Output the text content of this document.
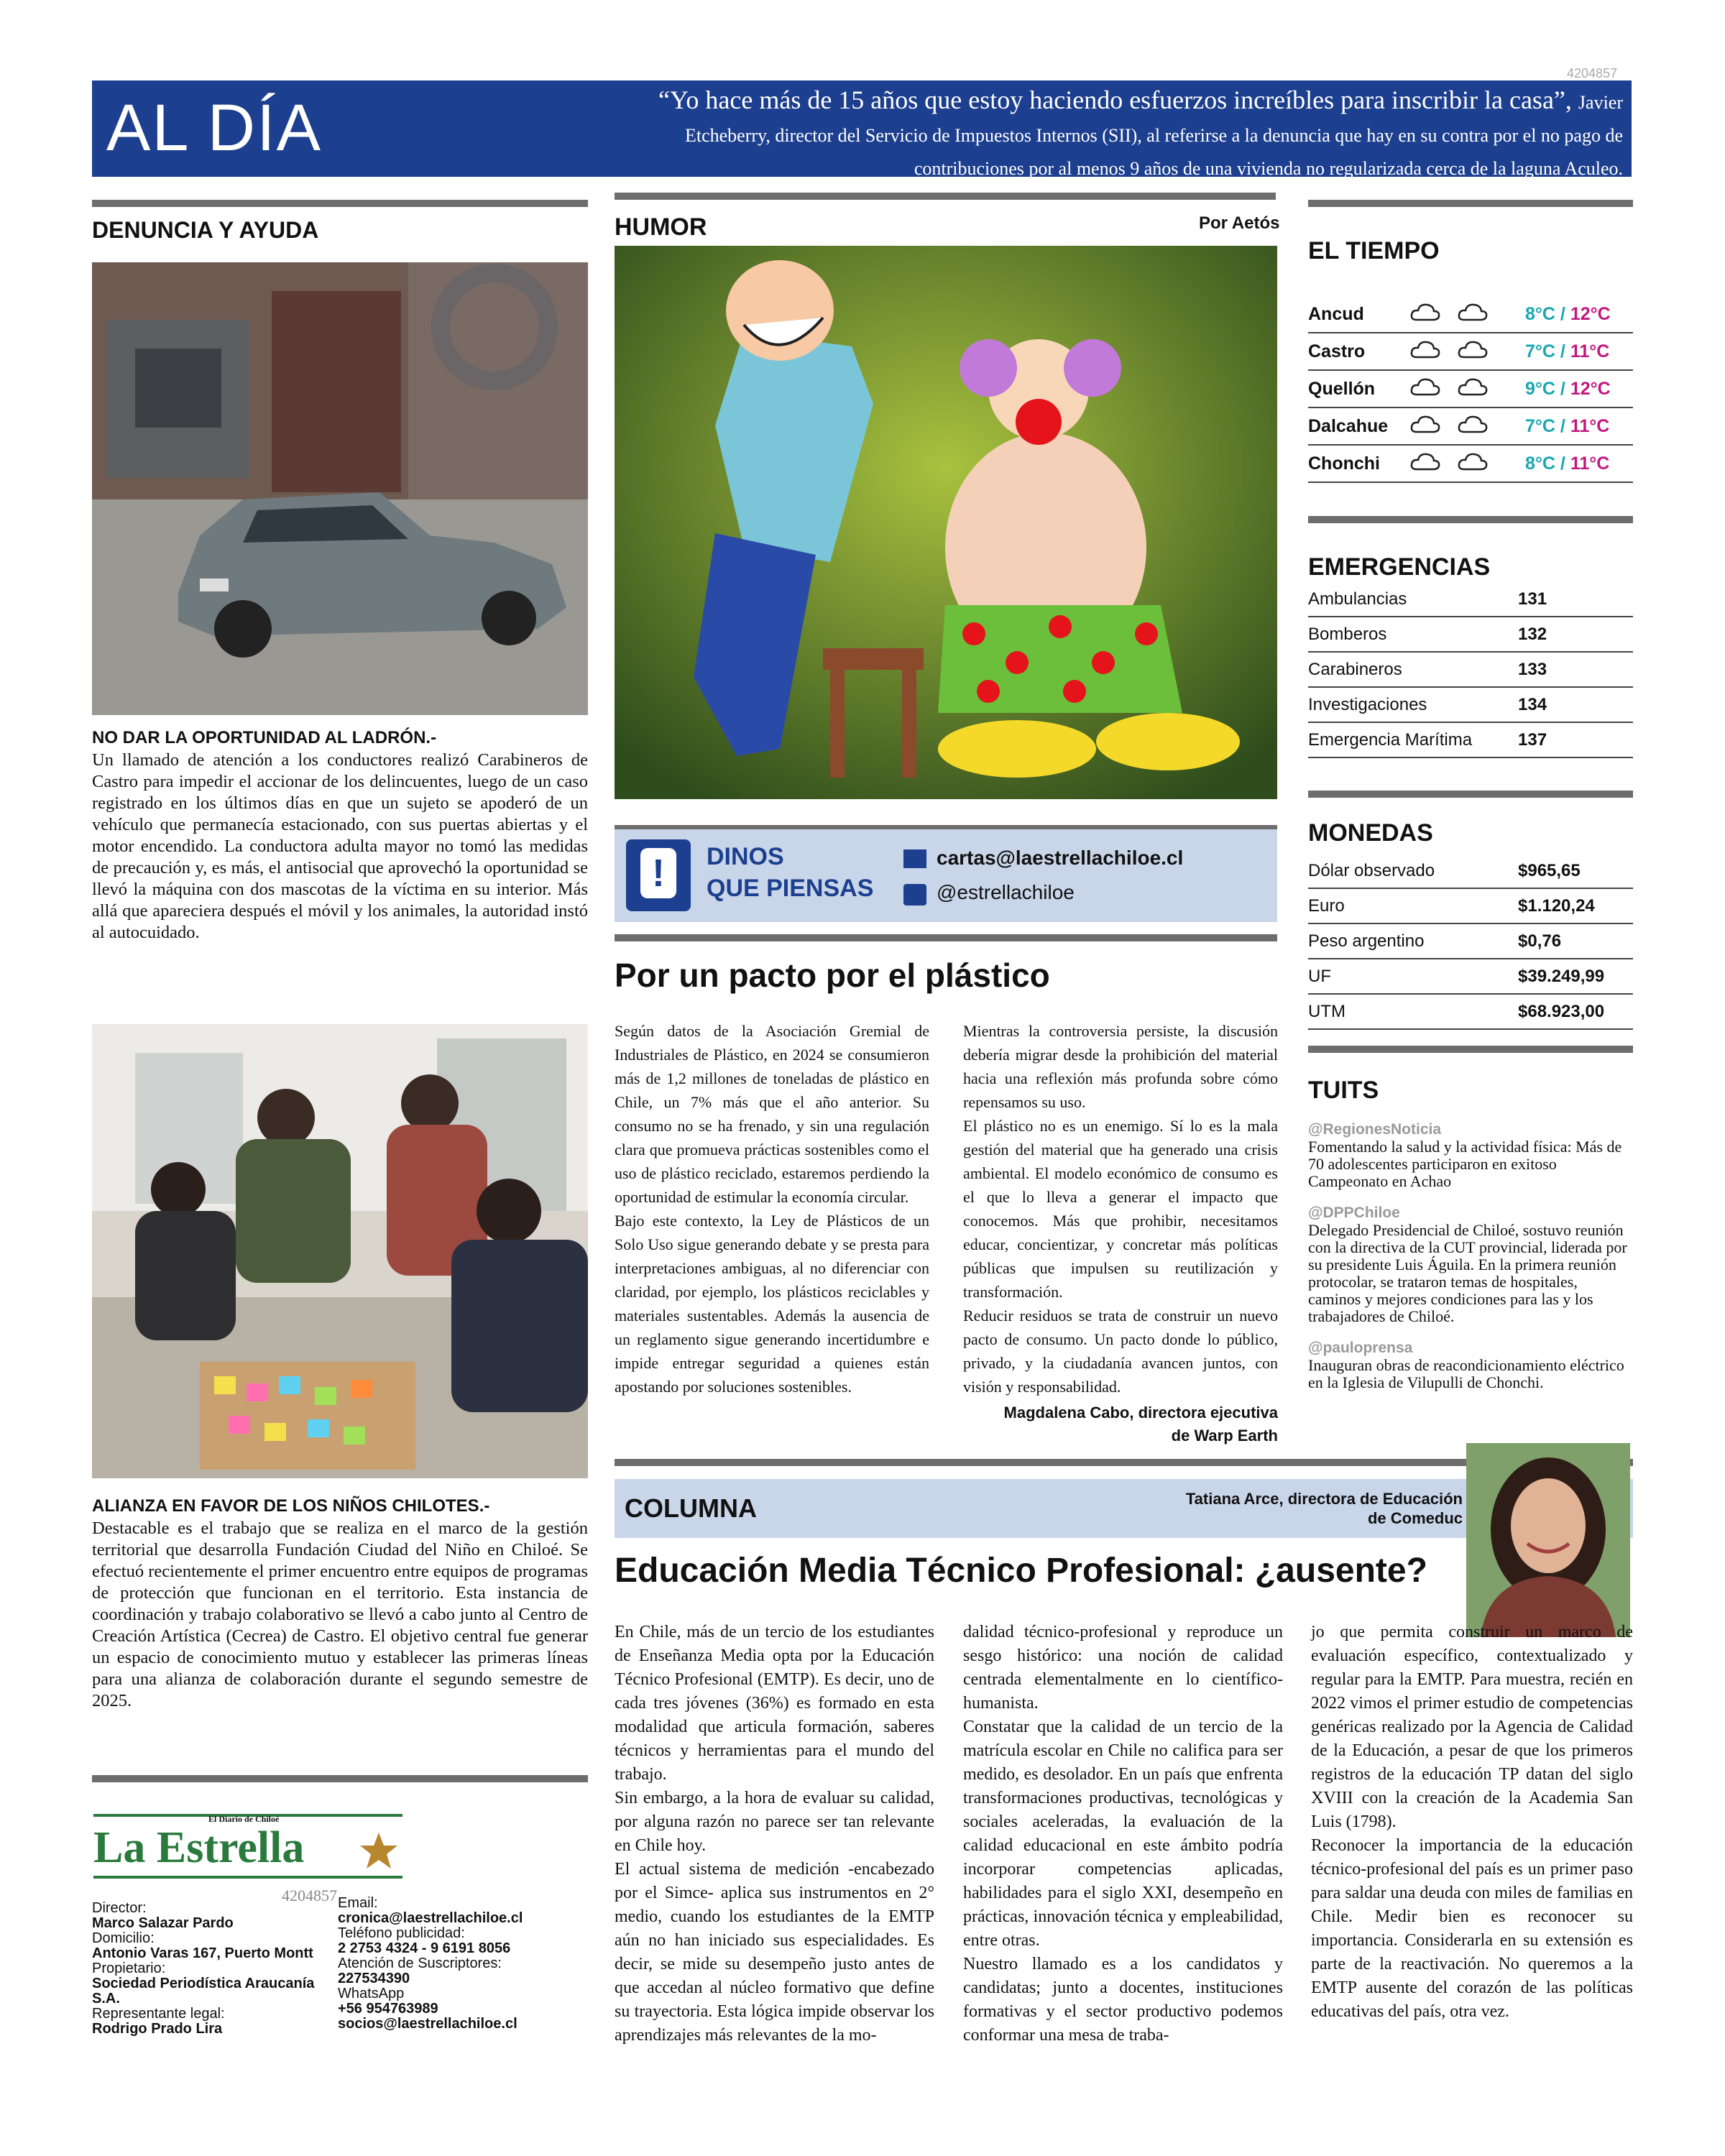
4204857
AL DÍA	“Yo hace más de 15 años que estoy haciendo esfuerzos increíbles para inscribir la casa”, Javier Etcheberry, director del Servicio de Impuestos Internos (SII), al referirse a la denuncia que hay en su contra por el no pago de contribuciones por al menos 9 años de una vivienda no regularizada cerca de la laguna Aculeo.
DENUNCIA Y AYUDA
NO DAR LA OPORTUNIDAD AL LADRÓN.-
Un llamado de atención a los conductores realizó Carabineros de Castro para impedir el accionar de los delincuentes, luego de un caso registrado en los últimos días en que un sujeto se apoderó de un vehículo que permanecía estacionado, con sus puertas abiertas y el motor encendido. La conductora adulta mayor no tomó las medidas de precaución y, es más, el antisocial que aprovechó la oportunidad se llevó la máquina con dos mascotas de la víctima en su interior. Más allá que apareciera después el móvil y los animales, la autoridad instó al autocuidado.
ALIANZA EN FAVOR DE LOS NIÑOS CHILOTES.-
Destacable es el trabajo que se realiza en el marco de la gestión territorial que desarrolla Fundación Ciudad del Niño en Chiloé. Se efectuó recientemente el primer encuentro entre equipos de programas de protección que funcionan en el territorio. Esta instancia de coordinación y trabajo colaborativo se llevó a cabo junto al Centro de Creación Artística (Cecrea) de Castro. El objetivo central fue generar un espacio de conocimiento mutuo y establecer las primeras líneas para una alianza de colaboración durante el segundo semestre de 2025.
El Diario de Chiloé
La Estrella
4204857
Director:
Marco Salazar Pardo
Domicilio:
Antonio Varas 167, Puerto Montt
Propietario:
Sociedad Periodística Araucanía S.A.
Representante legal:
Rodrigo Prado Lira
Email:
cronica@laestrellachiloe.cl
Teléfono publicidad:
2 2753 4324 - 9 6191 8056
Atención de Suscriptores:
227534390
WhatsApp
+56 954763989
socios@laestrellachiloe.cl
HUMOR	Por Aetós
! DINOS
QUE PIENSAS
cartas@laestrellachiloe.cl
@estrellachiloe
Por un pacto por el plástico

Según datos de la Asociación Gremial de Industriales de Plástico, en 2024 se consumieron más de 1,2 millones de toneladas de plástico en Chile, un 7% más que el año anterior. Su consumo no se ha frenado, y sin una regulación clara que promueva prácticas sostenibles como el uso de plástico reciclado, estaremos perdiendo la oportunidad de estimular la economía circular.

Bajo este contexto, la Ley de Plásticos de un Solo Uso sigue generando debate y se presta para interpretaciones ambiguas, al no diferenciar con claridad, por ejemplo, los plásticos reciclables y materiales sustentables. Además la ausencia de un reglamento sigue generando incertidumbre e impide entregar seguridad a quienes están apostando por soluciones sostenibles.

Mientras la controversia persiste, la discusión debería migrar desde la prohibición del material hacia una reflexión más profunda sobre cómo repensamos su uso.

El plástico no es un enemigo. Sí lo es la mala gestión del material que ha generado una crisis ambiental. El modelo económico de consumo es el que lo lleva a generar el impacto que conocemos. Más que prohibir, necesitamos educar, concientizar, y concretar más políticas públicas que impulsen su reutilización y transformación.

Reducir residuos se trata de construir un nuevo pacto de consumo. Un pacto donde lo público, privado, y la ciudadanía avancen juntos, con visión y responsabilidad.

Magdalena Cabo, directora ejecutiva
de Warp Earth
EL TIEMPO
Ancud	8°C / 12°C
Castro	7°C / 11°C
Quellón	9°C / 12°C
Dalcahue	7°C / 11°C
Chonchi	8°C / 11°C
EMERGENCIAS
Ambulancias	131
Bomberos	132
Carabineros	133
Investigaciones	134
Emergencia Marítima	137
MONEDAS
Dólar observado	$965,65
Euro	$1.120,24
Peso argentino	$0,76
UF	$39.249,99
UTM	$68.923,00
TUITS
@RegionesNoticia
Fomentando la salud y la actividad física: Más de 70 adolescentes participaron en exitoso Campeonato en Achao
@DPPChiloe
Delegado Presidencial de Chiloé, sostuvo reunión con la directiva de la CUT provincial, liderada por su presidente Luis Águila. En la primera reunión protocolar, se trataron temas de hospitales, caminos y mejores condiciones para las y los trabajadores de Chiloé.
@pauloprensa
Inauguran obras de reacondicionamiento eléctrico en la Iglesia de Vilupulli de Chonchi.
COLUMNA	Tatiana Arce, directora de Educación
de Comeduc
Educación Media Técnico Profesional: ¿ausente?

En Chile, más de un tercio de los estudiantes de Enseñanza Media opta por la Educación Técnico Profesional (EMTP). Es decir, uno de cada tres jóvenes (36%) es formado en esta modalidad que articula formación, saberes técnicos y herramientas para el mundo del trabajo.

Sin embargo, a la hora de evaluar su calidad, por alguna razón no parece ser tan relevante en Chile hoy.

El actual sistema de medición -encabezado por el Simce- aplica sus instrumentos en 2° medio, cuando los estudiantes de la EMTP aún no han iniciado sus especialidades. Es decir, se mide su desempeño justo antes de que accedan al núcleo formativo que define su trayectoria. Esta lógica impide observar los aprendizajes más relevantes de la mo-

dalidad técnico-profesional y reproduce un sesgo histórico: una noción de calidad centrada elementalmente en lo científico-humanista.

Constatar que la calidad de un tercio de la matrícula escolar en Chile no califica para ser medido, es desolador. En un país que enfrenta transformaciones productivas, tecnológicas y sociales aceleradas, la evaluación de la calidad educacional en este ámbito podría incorporar competencias aplicadas, habilidades para el siglo XXI, desempeño en prácticas, innovación técnica y empleabilidad, entre otras.

Nuestro llamado es a los candidatos y candidatas; junto a docentes, instituciones formativas y el sector productivo podemos conformar una mesa de traba-

jo que permita construir un marco de evaluación específico, contextualizado y regular para la EMTP. Para muestra, recién en 2022 vimos el primer estudio de competencias genéricas realizado por la Agencia de Calidad de la Educación, a pesar de que los primeros registros de la educación TP datan del siglo XVIII con la creación de la Academia San Luis (1798).

Reconocer la importancia de la educación técnico-profesional del país es un primer paso para saldar una deuda con miles de familias en Chile. Medir bien es reconocer su importancia. Considerarla en su extensión es parte de la reactivación. No queremos a la EMTP ausente del corazón de las políticas educativas del país, otra vez.
